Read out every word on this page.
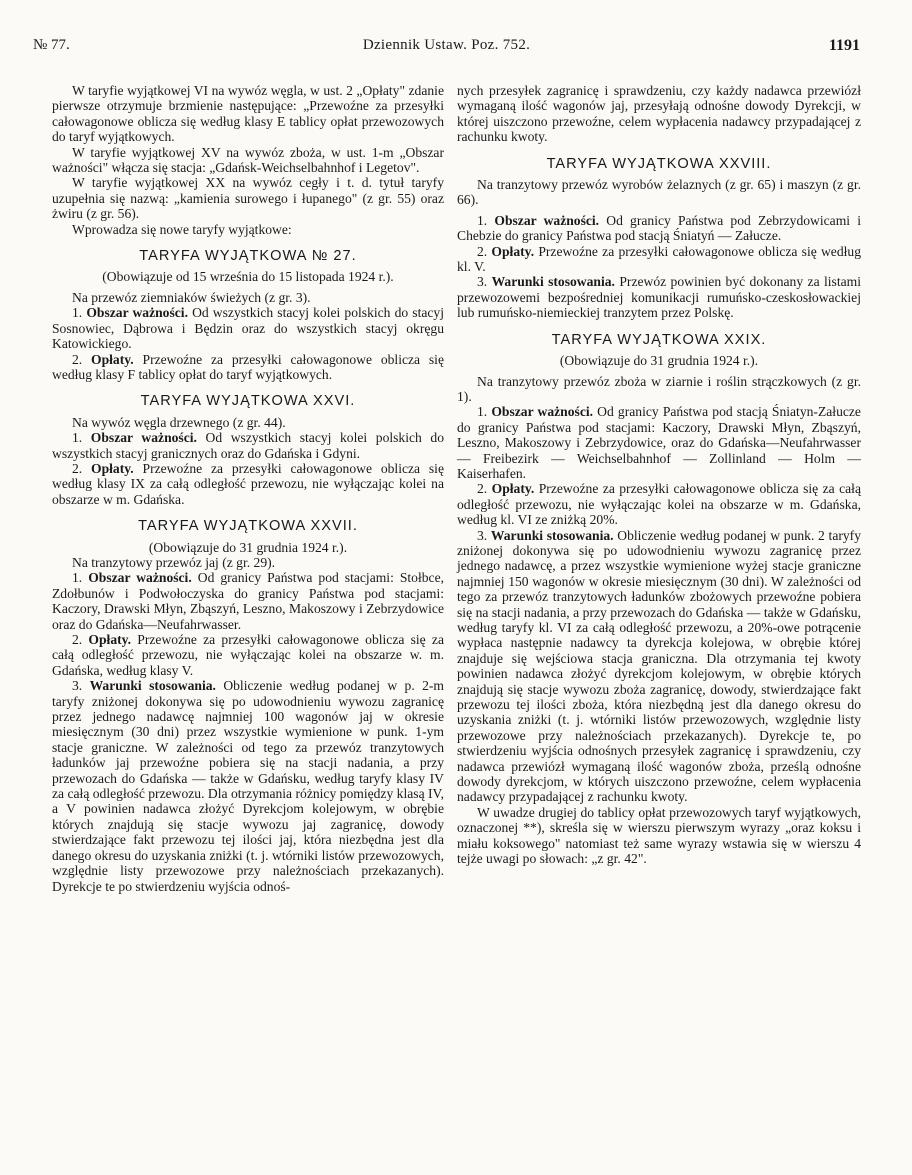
№ 77.	Dziennik Ustaw. Poz. 752.	1191

W taryfie wyjątkowej VI na wywóz węgla, w ust. 2 „Opłaty" zdanie pierwsze otrzymuje brzmienie następujące: „Przewoźne za przesyłki całowagonowe oblicza się według klasy E tablicy opłat przewozowych do taryf wyjątkowych.

W taryfie wyjątkowej XV na wywóz zboża, w ust. 1-m „Obszar ważności" włącza się stacja: „Gdańsk-Weichselbahnhof i Legetov".

W taryfie wyjątkowej XX na wywóz cegły i t. d. tytuł taryfy uzupełnia się nazwą: „kamienia surowego i łupanego" (z gr. 55) oraz żwiru (z gr. 56).

Wprowadza się nowe taryfy wyjątkowe:

TARYFA WYJĄTKOWA № 27.

(Obowiązuje od 15 września do 15 listopada 1924 r.).

Na przewóz ziemniaków świeżych (z gr. 3).

1. Obszar ważności. Od wszystkich stacyj kolei polskich do stacyj Sosnowiec, Dąbrowa i Będzin oraz do wszystkich stacyj okręgu Katowickiego.

2. Opłaty. Przewoźne za przesyłki całowagonowe oblicza się według klasy F tablicy opłat do taryf wyjątkowych.

TARYFA WYJĄTKOWA XXVI.

Na wywóz węgla drzewnego (z gr. 44).

1. Obszar ważności. Od wszystkich stacyj kolei polskich do wszystkich stacyj granicznych oraz do Gdańska i Gdyni.

2. Opłaty. Przewoźne za przesyłki całowagonowe oblicza się według klasy IX za całą odległość przewozu, nie wyłączając kolei na obszarze w m. Gdańska.

TARYFA WYJĄTKOWA XXVII.

(Obowiązuje do 31 grudnia 1924 r.).

Na tranzytowy przewóz jaj (z gr. 29).

1. Obszar ważności. Od granicy Państwa pod stacjami: Stołbce, Zdołbunów i Podwołoczyska do granicy Państwa pod stacjami: Kaczory, Drawski Młyn, Zbąszyń, Leszno, Makoszowy i Zebrzydowice oraz do Gdańska—Neufahrwasser.

2. Opłaty. Przewoźne za przesyłki całowagonowe oblicza się za całą odległość przewozu, nie wyłączając kolei na obszarze w. m. Gdańska, według klasy V.

3. Warunki stosowania. Obliczenie według podanej w p. 2-m taryfy zniżonej dokonywa się po udowodnieniu wywozu zagranicę przez jednego nadawcę najmniej 100 wagonów jaj w okresie miesięcznym (30 dni) przez wszystkie wymienione w punk. 1-ym stacje graniczne. W zależności od tego za przewóz tranzytowych ładunków jaj przewoźne pobiera się na stacji nadania, a przy przewozach do Gdańska — także w Gdańsku, według taryfy klasy IV za całą odległość przewozu. Dla otrzymania różnicy pomiędzy klasą IV, a V powinien nadawca złożyć Dyrekcjom kolejowym, w obrębie których znajdują się stacje wywozu jaj zagranicę, dowody stwierdzające fakt przewozu tej ilości jaj, która niezbędna jest dla danego okresu do uzyskania zniżki (t. j. wtórniki listów przewozowych, względnie listy przewozowe przy należnościach przekazanych). Dyrekcje te po stwierdzeniu wyjścia odnoś-

nych przesyłek zagranicę i sprawdzeniu, czy każdy nadawca przewiózł wymaganą ilość wagonów jaj, przesyłają odnośne dowody Dyrekcji, w której uiszczono przewoźne, celem wypłacenia nadawcy przypadającej z rachunku kwoty.

TARYFA WYJĄTKOWA XXVIII.

Na tranzytowy przewóz wyrobów żelaznych (z gr. 65) i maszyn (z gr. 66).

1. Obszar ważności. Od granicy Państwa pod Zebrzydowicami i Chebzie do granicy Państwa pod stacją Śniatyń — Załucze.

2. Opłaty. Przewoźne za przesyłki całowagonowe oblicza się według kl. V.

3. Warunki stosowania. Przewóz powinien być dokonany za listami przewozowemi bezpośredniej komunikacji rumuńsko-czeskosłowackiej lub rumuńsko-niemieckiej tranzytem przez Polskę.

TARYFA WYJĄTKOWA XXIX.

(Obowiązuje do 31 grudnia 1924 r.).

Na tranzytowy przewóz zboża w ziarnie i roślin strączkowych (z gr. 1).

1. Obszar ważności. Od granicy Państwa pod stacją Śniatyn-Załucze do granicy Państwa pod stacjami: Kaczory, Drawski Młyn, Zbąszyń, Leszno, Makoszowy i Zebrzydowice, oraz do Gdańska—Neufahrwasser — Freibezirk — Weichselbahnhof — Zollinland — Holm — Kaiserhafen.

2. Opłaty. Przewoźne za przesyłki całowagonowe oblicza się za całą odległość przewozu, nie wyłączając kolei na obszarze w m. Gdańska, według kl. VI ze zniżką 20%.

3. Warunki stosowania. Obliczenie według podanej w punk. 2 taryfy zniżonej dokonywa się po udowodnieniu wywozu zagranicę przez jednego nadawcę, a przez wszystkie wymienione wyżej stacje graniczne najmniej 150 wagonów w okresie miesięcznym (30 dni). W zależności od tego za przewóz tranzytowych ładunków zbożowych przewoźne pobiera się na stacji nadania, a przy przewozach do Gdańska — także w Gdańsku, według taryfy kl. VI za całą odległość przewozu, a 20%-owe potrącenie wypłaca następnie nadawcy ta dyrekcja kolejowa, w obrębie której znajduje się wejściowa stacja graniczna. Dla otrzymania tej kwoty powinien nadawca złożyć dyrekcjom kolejowym, w obrębie których znajdują się stacje wywozu zboża zagranicę, dowody, stwierdzające fakt przewozu tej ilości zboża, która niezbędną jest dla danego okresu do uzyskania zniżki (t. j. wtórniki listów przewozowych, względnie listy przewozowe przy należnościach przekazanych). Dyrekcje te, po stwierdzeniu wyjścia odnośnych przesyłek zagranicę i sprawdzeniu, czy nadawca przewiózł wymaganą ilość wagonów zboża, prześlą odnośne dowody dyrekcjom, w których uiszczono przewoźne, celem wypłacenia nadawcy przypadającej z rachunku kwoty.

W uwadze drugiej do tablicy opłat przewozowych taryf wyjątkowych, oznaczonej **), skreśla się w wierszu pierwszym wyrazy „oraz koksu i miału koksowego" natomiast też same wyrazy wstawia się w wierszu 4 tejże uwagi po słowach: „z gr. 42".
